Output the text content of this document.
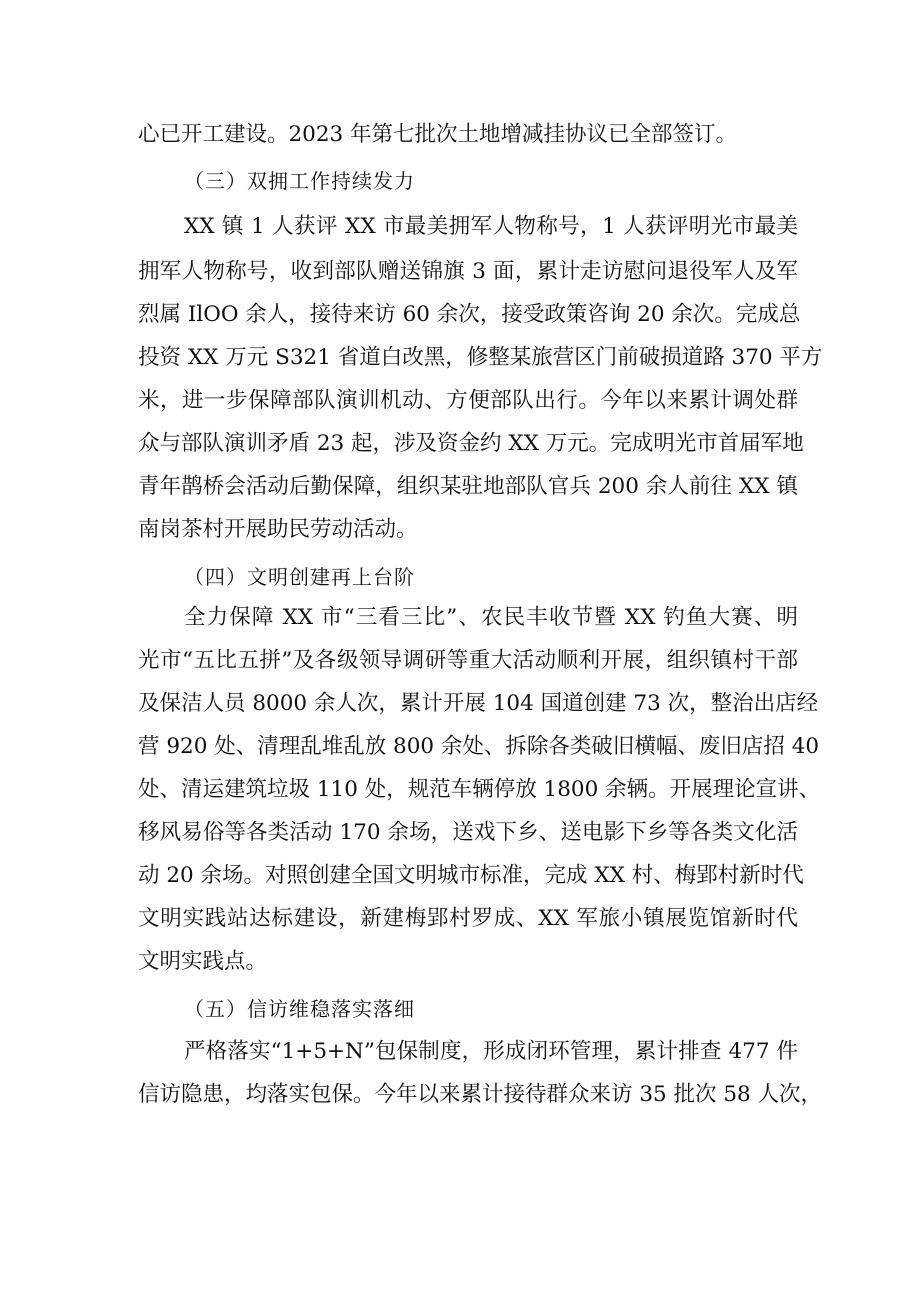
心已开工建设。2023 年第七批次土地增减挂协议已全部签订。
（三）双拥工作持续发力
XX 镇 1 人获评 XX 市最美拥军人物称号，1 人获评明光市最美
拥军人物称号，收到部队赠送锦旗 3 面，累计走访慰问退役军人及军
烈属 IlOO 余人，接待来访 60 余次，接受政策咨询 20 余次。完成总
投资 XX 万元 S321 省道白改黑，修整某旅营区门前破损道路 370 平方
米，进一步保障部队演训机动、方便部队出行。今年以来累计调处群
众与部队演训矛盾 23 起，涉及资金约 XX 万元。完成明光市首届军地
青年鹊桥会活动后勤保障，组织某驻地部队官兵 200 余人前往 XX 镇
南岗茶村开展助民劳动活动。
（四）文明创建再上台阶
全力保障 XX 市“三看三比”、农民丰收节暨 XX 钓鱼大赛、明
光市“五比五拼”及各级领导调研等重大活动顺利开展，组织镇村干部
及保洁人员 8000 余人次，累计开展 104 国道创建 73 次，整治出店经
营 920 处、清理乱堆乱放 800 余处、拆除各类破旧横幅、废旧店招 40
处、清运建筑垃圾 110 处，规范车辆停放 1800 余辆。开展理论宣讲、
移风易俗等各类活动 170 余场，送戏下乡、送电影下乡等各类文化活
动 20 余场。对照创建全国文明城市标准，完成 XX 村、梅郢村新时代
文明实践站达标建设，新建梅郢村罗成、XX 军旅小镇展览馆新时代
文明实践点。
（五）信访维稳落实落细
严格落实“1+5+N”包保制度，形成闭环管理，累计排查 477 件
信访隐患，均落实包保。今年以来累计接待群众来访 35 批次 58 人次，
